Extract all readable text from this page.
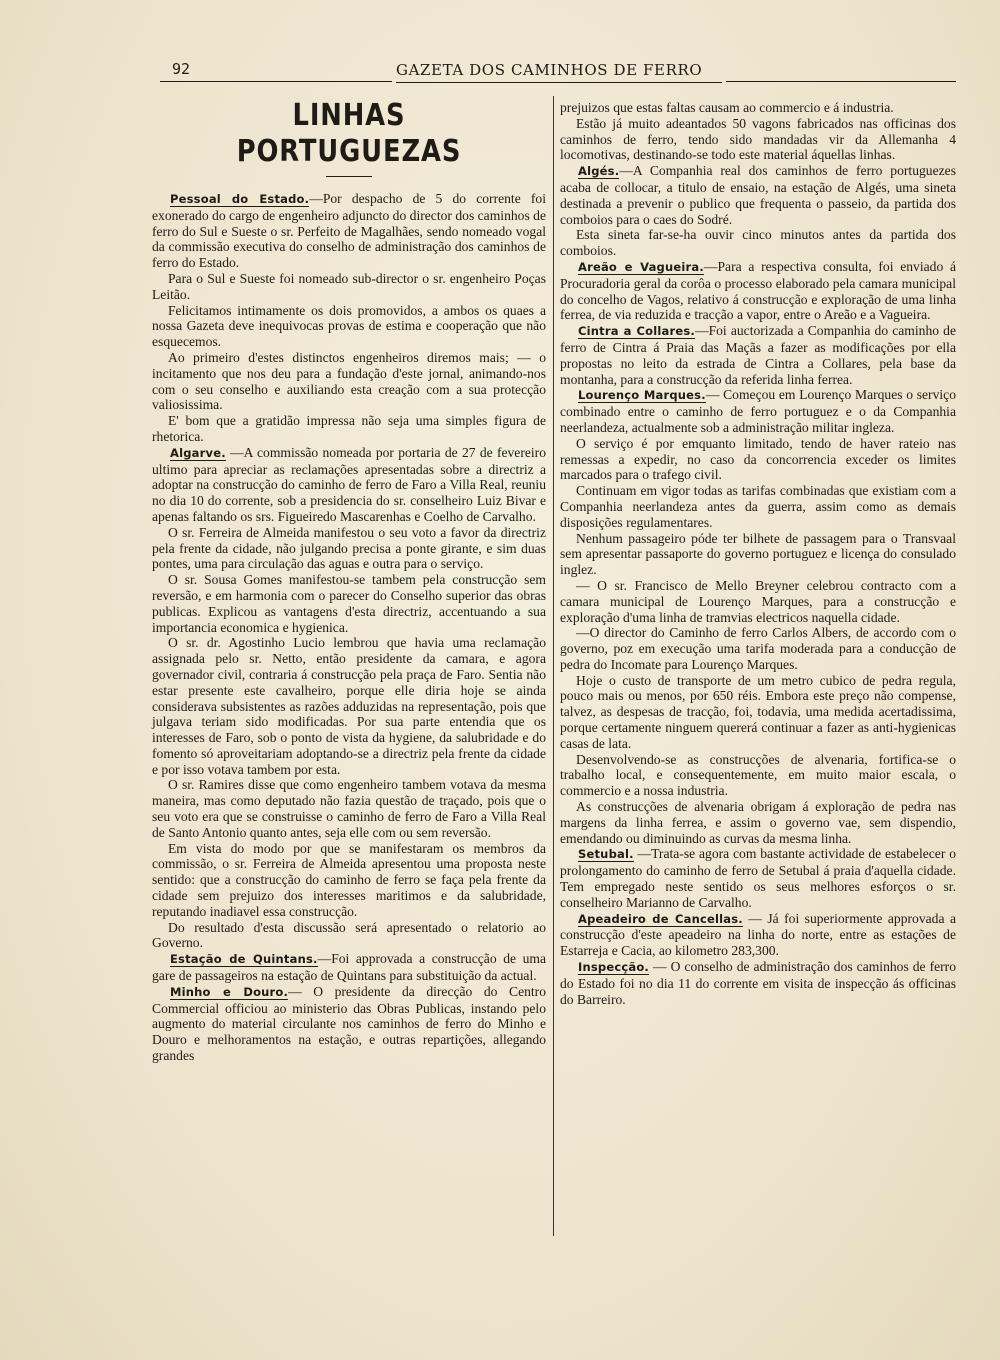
92	GAZETA DOS CAMINHOS DE FERRO
LINHAS PORTUGUEZAS

Pessoal do Estado.—Por despacho de 5 do corrente foi exonerado do cargo de engenheiro adjuncto do director dos caminhos de ferro do Sul e Sueste o sr. Perfeito de Magalhães, sendo nomeado vogal da commissão executiva do conselho de administração dos caminhos de ferro do Estado.

Para o Sul e Sueste foi nomeado sub-director o sr. engenheiro Poças Leitão.

Felicitamos intimamente os dois promovidos, a ambos os quaes a nossa Gazeta deve inequivocas provas de estima e cooperação que não esquecemos.

Ao primeiro d'estes distinctos engenheiros diremos mais; — o incitamento que nos deu para a fundação d'este jornal, animando-nos com o seu conselho e auxiliando esta creação com a sua protecção valiosissima.

E' bom que a gratidão impressa não seja uma simples figura de rhetorica.

Algarve. —A commissão nomeada por portaria de 27 de fevereiro ultimo para apreciar as reclamações apresentadas sobre a directriz a adoptar na construcção do caminho de ferro de Faro a Villa Real, reuniu no dia 10 do corrente, sob a presidencia do sr. conselheiro Luiz Bivar e apenas faltando os srs. Figueiredo Mascarenhas e Coelho de Carvalho.

O sr. Ferreira de Almeida manifestou o seu voto a favor da directriz pela frente da cidade, não julgando precisa a ponte girante, e sim duas pontes, uma para circulação das aguas e outra para o serviço.

O sr. Sousa Gomes manifestou-se tambem pela construcção sem reversão, e em harmonia com o parecer do Conselho superior das obras publicas. Explicou as vantagens d'esta directriz, accentuando a sua importancia economica e hygienica.

O sr. dr. Agostinho Lucio lembrou que havia uma reclamação assignada pelo sr. Netto, então presidente da camara, e agora governador civil, contraria á construcção pela praça de Faro. Sentia não estar presente este cavalheiro, porque elle diria hoje se ainda considerava subsistentes as razões adduzidas na representação, pois que julgava teriam sido modificadas. Por sua parte entendia que os interesses de Faro, sob o ponto de vista da hygiene, da salubridade e do fomento só aproveitariam adoptando-se a directriz pela frente da cidade e por isso votava tambem por esta.

O sr. Ramires disse que como engenheiro tambem votava da mesma maneira, mas como deputado não fazia questão de traçado, pois que o seu voto era que se construisse o caminho de ferro de Faro a Villa Real de Santo Antonio quanto antes, seja elle com ou sem reversão.

Em vista do modo por que se manifestaram os membros da commissão, o sr. Ferreira de Almeida apresentou uma proposta neste sentido: que a construcção do caminho de ferro se faça pela frente da cidade sem prejuizo dos interesses maritimos e da salubridade, reputando inadiavel essa construcção.

Do resultado d'esta discussão será apresentado o relatorio ao Governo.

Estação de Quintans.—Foi approvada a construcção de uma gare de passageiros na estação de Quintans para substituição da actual.

Minho e Douro.— O presidente da direcção do Centro Commercial officiou ao ministerio das Obras Publicas, instando pelo augmento do material circulante nos caminhos de ferro do Minho e Douro e melhoramentos na estação, e outras repartições, allegando grandes

prejuizos que estas faltas causam ao commercio e á industria.

Estão já muito adeantados 50 vagons fabricados nas officinas dos caminhos de ferro, tendo sido mandadas vir da Allemanha 4 locomotivas, destinando-se todo este material áquellas linhas.

Algés.—A Companhia real dos caminhos de ferro portuguezes acaba de collocar, a titulo de ensaio, na estação de Algés, uma sineta destinada a prevenir o publico que frequenta o passeio, da partida dos comboios para o caes do Sodré.

Esta sineta far-se-ha ouvir cinco minutos antes da partida dos comboios.

Areão e Vagueira.—Para a respectiva consulta, foi enviado á Procuradoria geral da corôa o processo elaborado pela camara municipal do concelho de Vagos, relativo á construcção e exploração de uma linha ferrea, de via reduzida e tracção a vapor, entre o Areão e a Vagueira.

Cintra a Collares.—Foi auctorizada a Companhia do caminho de ferro de Cintra á Praia das Maçãs a fazer as modificações por ella propostas no leito da estrada de Cintra a Collares, pela base da montanha, para a construcção da referida linha ferrea.

Lourenço Marques.— Começou em Lourenço Marques o serviço combinado entre o caminho de ferro portuguez e o da Companhia neerlandeza, actualmente sob a administração militar ingleza.

O serviço é por emquanto limitado, tendo de haver rateio nas remessas a expedir, no caso da concorrencia exceder os limites marcados para o trafego civil.

Continuam em vigor todas as tarifas combinadas que existiam com a Companhia neerlandeza antes da guerra, assim como as demais disposições regulamentares.

Nenhum passageiro póde ter bilhete de passagem para o Transvaal sem apresentar passaporte do governo portuguez e licença do consulado inglez.

— O sr. Francisco de Mello Breyner celebrou contracto com a camara municipal de Lourenço Marques, para a construcção e exploração d'uma linha de tramvias electricos naquella cidade.

—O director do Caminho de ferro Carlos Albers, de accordo com o governo, poz em execução uma tarifa moderada para a conducção de pedra do Incomate para Lourenço Marques.

Hoje o custo de transporte de um metro cubico de pedra regula, pouco mais ou menos, por 650 réis. Embora este preço não compense, talvez, as despesas de tracção, foi, todavia, uma medida acertadissima, porque certamente ninguem quererá continuar a fazer as anti-hygienicas casas de lata.

Desenvolvendo-se as construcções de alvenaria, fortifica-se o trabalho local, e consequentemente, em muito maior escala, o commercio e a nossa industria.

As construcções de alvenaria obrigam á exploração de pedra nas margens da linha ferrea, e assim o governo vae, sem dispendio, emendando ou diminuindo as curvas da mesma linha.

Setubal. —Trata-se agora com bastante actividade de estabelecer o prolongamento do caminho de ferro de Setubal á praia d'aquella cidade. Tem empregado neste sentido os seus melhores esforços o sr. conselheiro Marianno de Carvalho.

Apeadeiro de Cancellas. — Já foi superiormente approvada a construcção d'este apeadeiro na linha do norte, entre as estações de Estarreja e Cacia, ao kilometro 283,300.

Inspecção. — O conselho de administração dos caminhos de ferro do Estado foi no dia 11 do corrente em visita de inspecção ás officinas do Barreiro.
